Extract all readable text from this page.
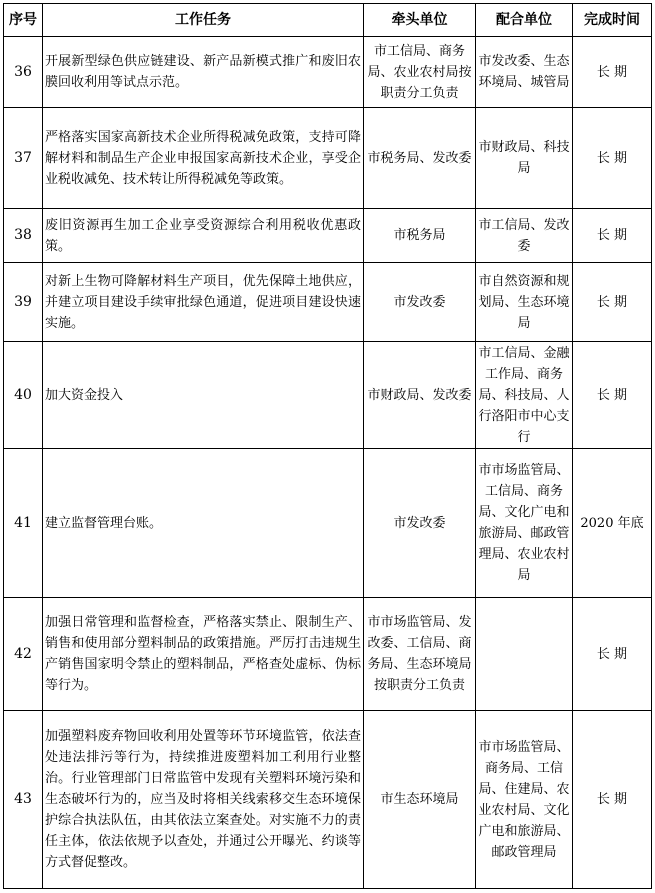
序号	工作任务	牵头单位	配合单位	完成时间
36	开展新型绿色供应链建设、新产品新模式推广和废旧农膜回收利用等试点示范。	市工信局、商务局、农业农村局按职责分工负责	市发改委、生态环境局、城管局	长 期
37	严格落实国家高新技术企业所得税减免政策，支持可降解材料和制品生产企业申报国家高新技术企业，享受企业税收减免、技术转让所得税减免等政策。	市税务局、发改委	市财政局、科技局	长 期
38	废旧资源再生加工企业享受资源综合利用税收优惠政策。	市税务局	市工信局、发改委	长 期
39	对新上生物可降解材料生产项目，优先保障土地供应，并建立项目建设手续审批绿色通道，促进项目建设快速实施。	市发改委	市自然资源和规划局、生态环境局	长 期
40	加大资金投入	市财政局、发改委	市工信局、金融工作局、商务局、科技局、人行洛阳市中心支行	长 期
41	建立监督管理台账。	市发改委	市市场监管局、工信局、商务局、文化广电和旅游局、邮政管理局、农业农村局	2020 年底
42	加强日常管理和监督检查，严格落实禁止、限制生产、销售和使用部分塑料制品的政策措施。严厉打击违规生产销售国家明令禁止的塑料制品，严格查处虚标、伪标等行为。	市市场监管局、发改委、工信局、商务局、生态环境局按职责分工负责		长 期
43	加强塑料废弃物回收利用处置等环节环境监管，依法查处违法排污等行为，持续推进废塑料加工利用行业整治。行业管理部门日常监管中发现有关塑料环境污染和生态破坏行为的，应当及时将相关线索移交生态环境保护综合执法队伍，由其依法立案查处。对实施不力的责任主体，依法依规予以查处，并通过公开曝光、约谈等方式督促整改。	市生态环境局	市市场监管局、商务局、工信局、住建局、农业农村局、文化广电和旅游局、邮政管理局	长 期
